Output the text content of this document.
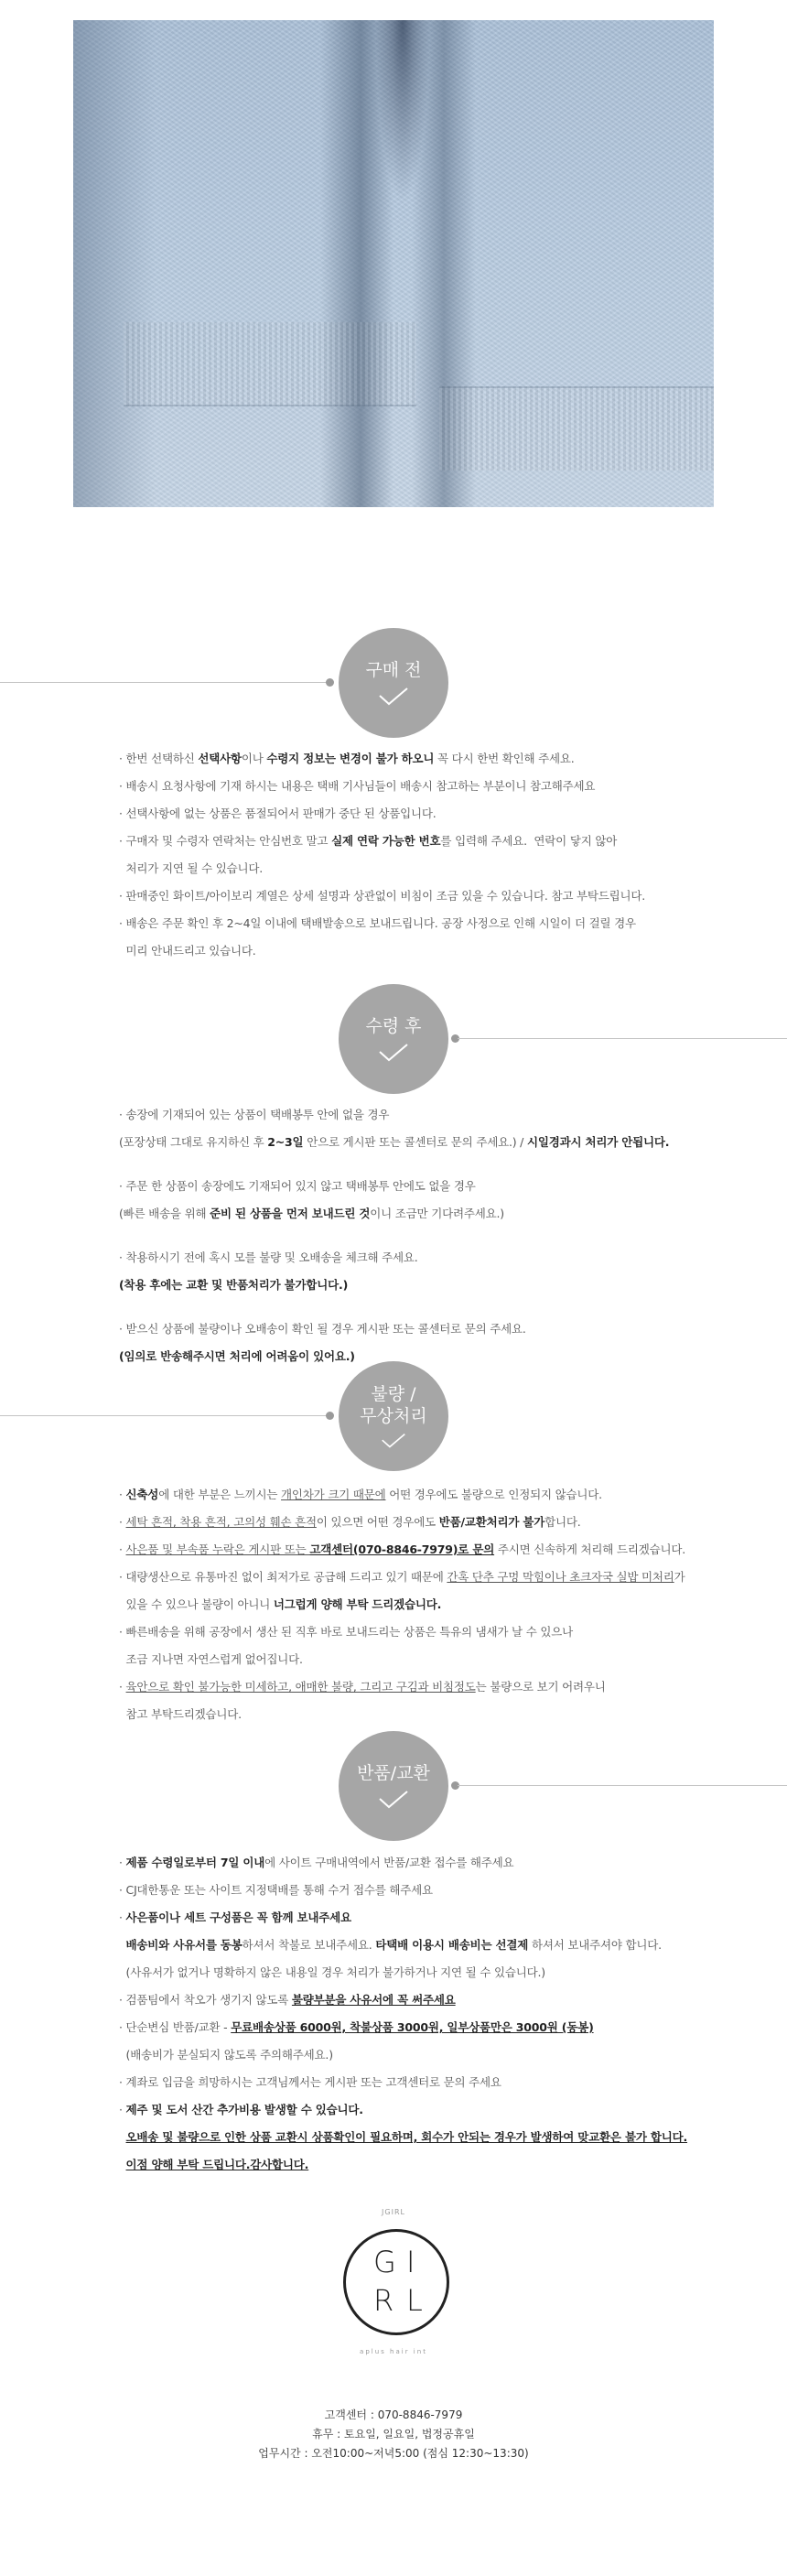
구매 전
· 한번 선택하신 선택사항이나 수령지 정보는 변경이 불가 하오니 꼭 다시 한번 확인해 주세요.
· 배송시 요청사항에 기재 하시는 내용은 택배 기사님들이 배송시 참고하는 부분이니 참고해주세요
· 선택사항에 없는 상품은 품절되어서 판매가 중단 된 상품입니다.
· 구매자 및 수령자 연락처는 안심번호 말고 실제 연락 가능한 번호를 입력해 주세요.  연락이 닿지 않아
처리가 지연 될 수 있습니다.
· 판매중인 화이트/아이보리 계열은 상세 설명과 상관없이 비침이 조금 있을 수 있습니다. 참고 부탁드립니다.
· 배송은 주문 확인 후 2~4일 이내에 택배발송으로 보내드립니다. 공장 사정으로 인해 시일이 더 걸릴 경우
미리 안내드리고 있습니다.
수령 후
· 송장에 기재되어 있는 상품이 택배봉투 안에 없을 경우
(포장상태 그대로 유지하신 후 2~3일 안으로 게시판 또는 콜센터로 문의 주세요.) / 시일경과시 처리가 안됩니다.
· 주문 한 상품이 송장에도 기재되어 있지 않고 택배봉투 안에도 없을 경우
(빠른 배송을 위해 준비 된 상품을 먼저 보내드린 것이니 조금만 기다려주세요.)
· 착용하시기 전에 혹시 모를 불량 및 오배송을 체크해 주세요.
(착용 후에는 교환 및 반품처리가 불가합니다.)
· 받으신 상품에 불량이나 오배송이 확인 될 경우 게시판 또는 콜센터로 문의 주세요.
(임의로 반송해주시면 처리에 어려움이 있어요.)
불량 /
무상처리
· 신축성에 대한 부분은 느끼시는 개인차가 크기 때문에 어떤 경우에도 불량으로 인정되지 않습니다.
· 세탁 흔적, 착용 흔적, 고의성 훼손 흔적이 있으면 어떤 경우에도 반품/교환처리가 불가합니다.
· 사은품 및 부속품 누락은 게시판 또는 고객센터(070-8846-7979)로 문의 주시면 신속하게 처리해 드리겠습니다.
· 대량생산으로 유통마진 없이 최저가로 공급해 드리고 있기 때문에 간혹 단추 구멍 막힘이나 초크자국 실밥 미처리가
있을 수 있으나 불량이 아니니 너그럽게 양해 부탁 드리겠습니다.
· 빠른배송을 위해 공장에서 생산 된 직후 바로 보내드리는 상품은 특유의 냄새가 날 수 있으나
조금 지나면 자연스럽게 없어집니다.
· 육안으로 확인 불가능한 미세하고, 애매한 불량, 그리고 구김과 비침정도는 불량으로 보기 어려우니
참고 부탁드리겠습니다.
반품/교환
· 제품 수령일로부터 7일 이내에 사이트 구매내역에서 반품/교환 접수를 해주세요
· CJ대한통운 또는 사이트 지정택배를 통해 수거 접수를 해주세요
· 사은품이나 세트 구성품은 꼭 함께 보내주세요
배송비와 사유서를 동봉하셔서 착불로 보내주세요. 타택배 이용시 배송비는 선결제 하셔서 보내주셔야 합니다.
(사유서가 없거나 명확하지 않은 내용일 경우 처리가 불가하거나 지연 될 수 있습니다.)
· 검품팀에서 착오가 생기지 않도록 불량부분을 사유서에 꼭 써주세요
· 단순변심 반품/교환 - 무료배송상품 6000원, 착불상품 3000원, 일부상품만은 3000원 (동봉)
(배송비가 분실되지 않도록 주의해주세요.)
· 계좌로 입금을 희망하시는 고객님께서는 게시판 또는 고객센터로 문의 주세요
· 제주 및 도서 산간 추가비용 발생할 수 있습니다.
오배송 및 불량으로 인한 상품 교환시 상품확인이 필요하며, 회수가 안되는 경우가 발생하여 맞교환은 불가 합니다.
이점 양해 부탁 드립니다.감사합니다.
JGIRL
G I
R L
aplus hair int
고객센터 : 070-8846-7979
휴무 : 토요일, 일요일, 법정공휴일
업무시간 : 오전10:00~저녁5:00 (점심 12:30~13:30)
